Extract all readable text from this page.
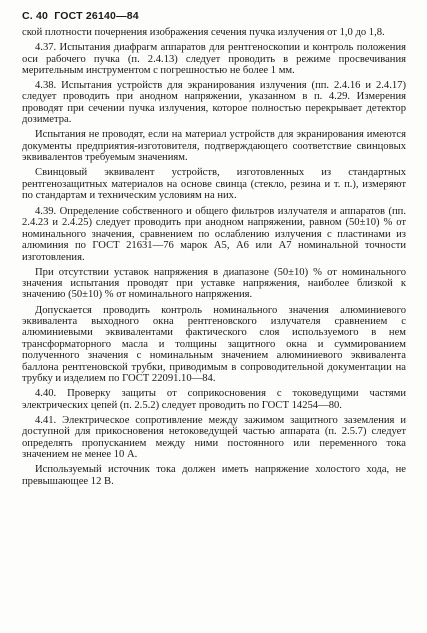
С. 40 ГОСТ 26140—84

ской плотности почернения изображения сечения пучка излучения от 1,0 до 1,8.

4.37. Испытания диафрагм аппаратов для рентгеноскопии и контроль положения оси рабочего пучка (п. 2.4.13) следует проводить в режиме просвечивания мерительным инструментом с погрешностью не более 1 мм.

4.38. Испытания устройств для экранирования излучения (пп. 2.4.16 и 2.4.17) следует проводить при анодном напряжении, указанном в п. 4.29. Измерения проводят при сечении пучка излучения, которое полностью перекрывает детектор дозиметра.

Испытания не проводят, если на материал устройств для экранирования имеются документы предприятия-изготовителя, подтверждающего соответствие свинцовых эквивалентов требуемым значениям.

Свинцовый эквивалент устройств, изготовленных из стандартных рентгенозащитных материалов на основе свинца (стекло, резина и т. п.), измеряют по стандартам и техническим условиям на них.

4.39. Определение собственного и общего фильтров излучателя и аппаратов (пп. 2.4.23 и 2.4.25) следует проводить при анодном напряжении, равном (50±10) % от номинального значения, сравнением по ослаблению излучения с пластинами из алюминия по ГОСТ 21631—76 марок А5, А6 или А7 номинальной точности изготовления.

При отсутствии уставок напряжения в диапазоне (50±10) % от номинального значения испытания проводят при уставке напряжения, наиболее близкой к значению (50±10) % от номинального напряжения.

Допускается проводить контроль номинального значения алюминиевого эквивалента выходного окна рентгеновского излучателя сравнением с алюминиевыми эквивалентами фактического слоя используемого в нем трансформаторного масла и толщины защитного окна и суммированием полученного значения с номинальным значением алюминиевого эквивалента баллона рентгеновской трубки, приводимым в сопроводительной документации на трубку и изделием по ГОСТ 22091.10—84.

4.40. Проверку защиты от соприкосновения с токоведущими частями электрических цепей (п. 2.5.2) следует проводить по ГОСТ 14254—80.

4.41. Электрическое сопротивление между зажимом защитного заземления и доступной для прикосновения нетоковедущей частью аппарата (п. 2.5.7) следует определять пропусканием между ними постоянного или переменного тока значением не менее 10 А.

Используемый источник тока должен иметь напряжение холостого хода, не превышающее 12 В.
